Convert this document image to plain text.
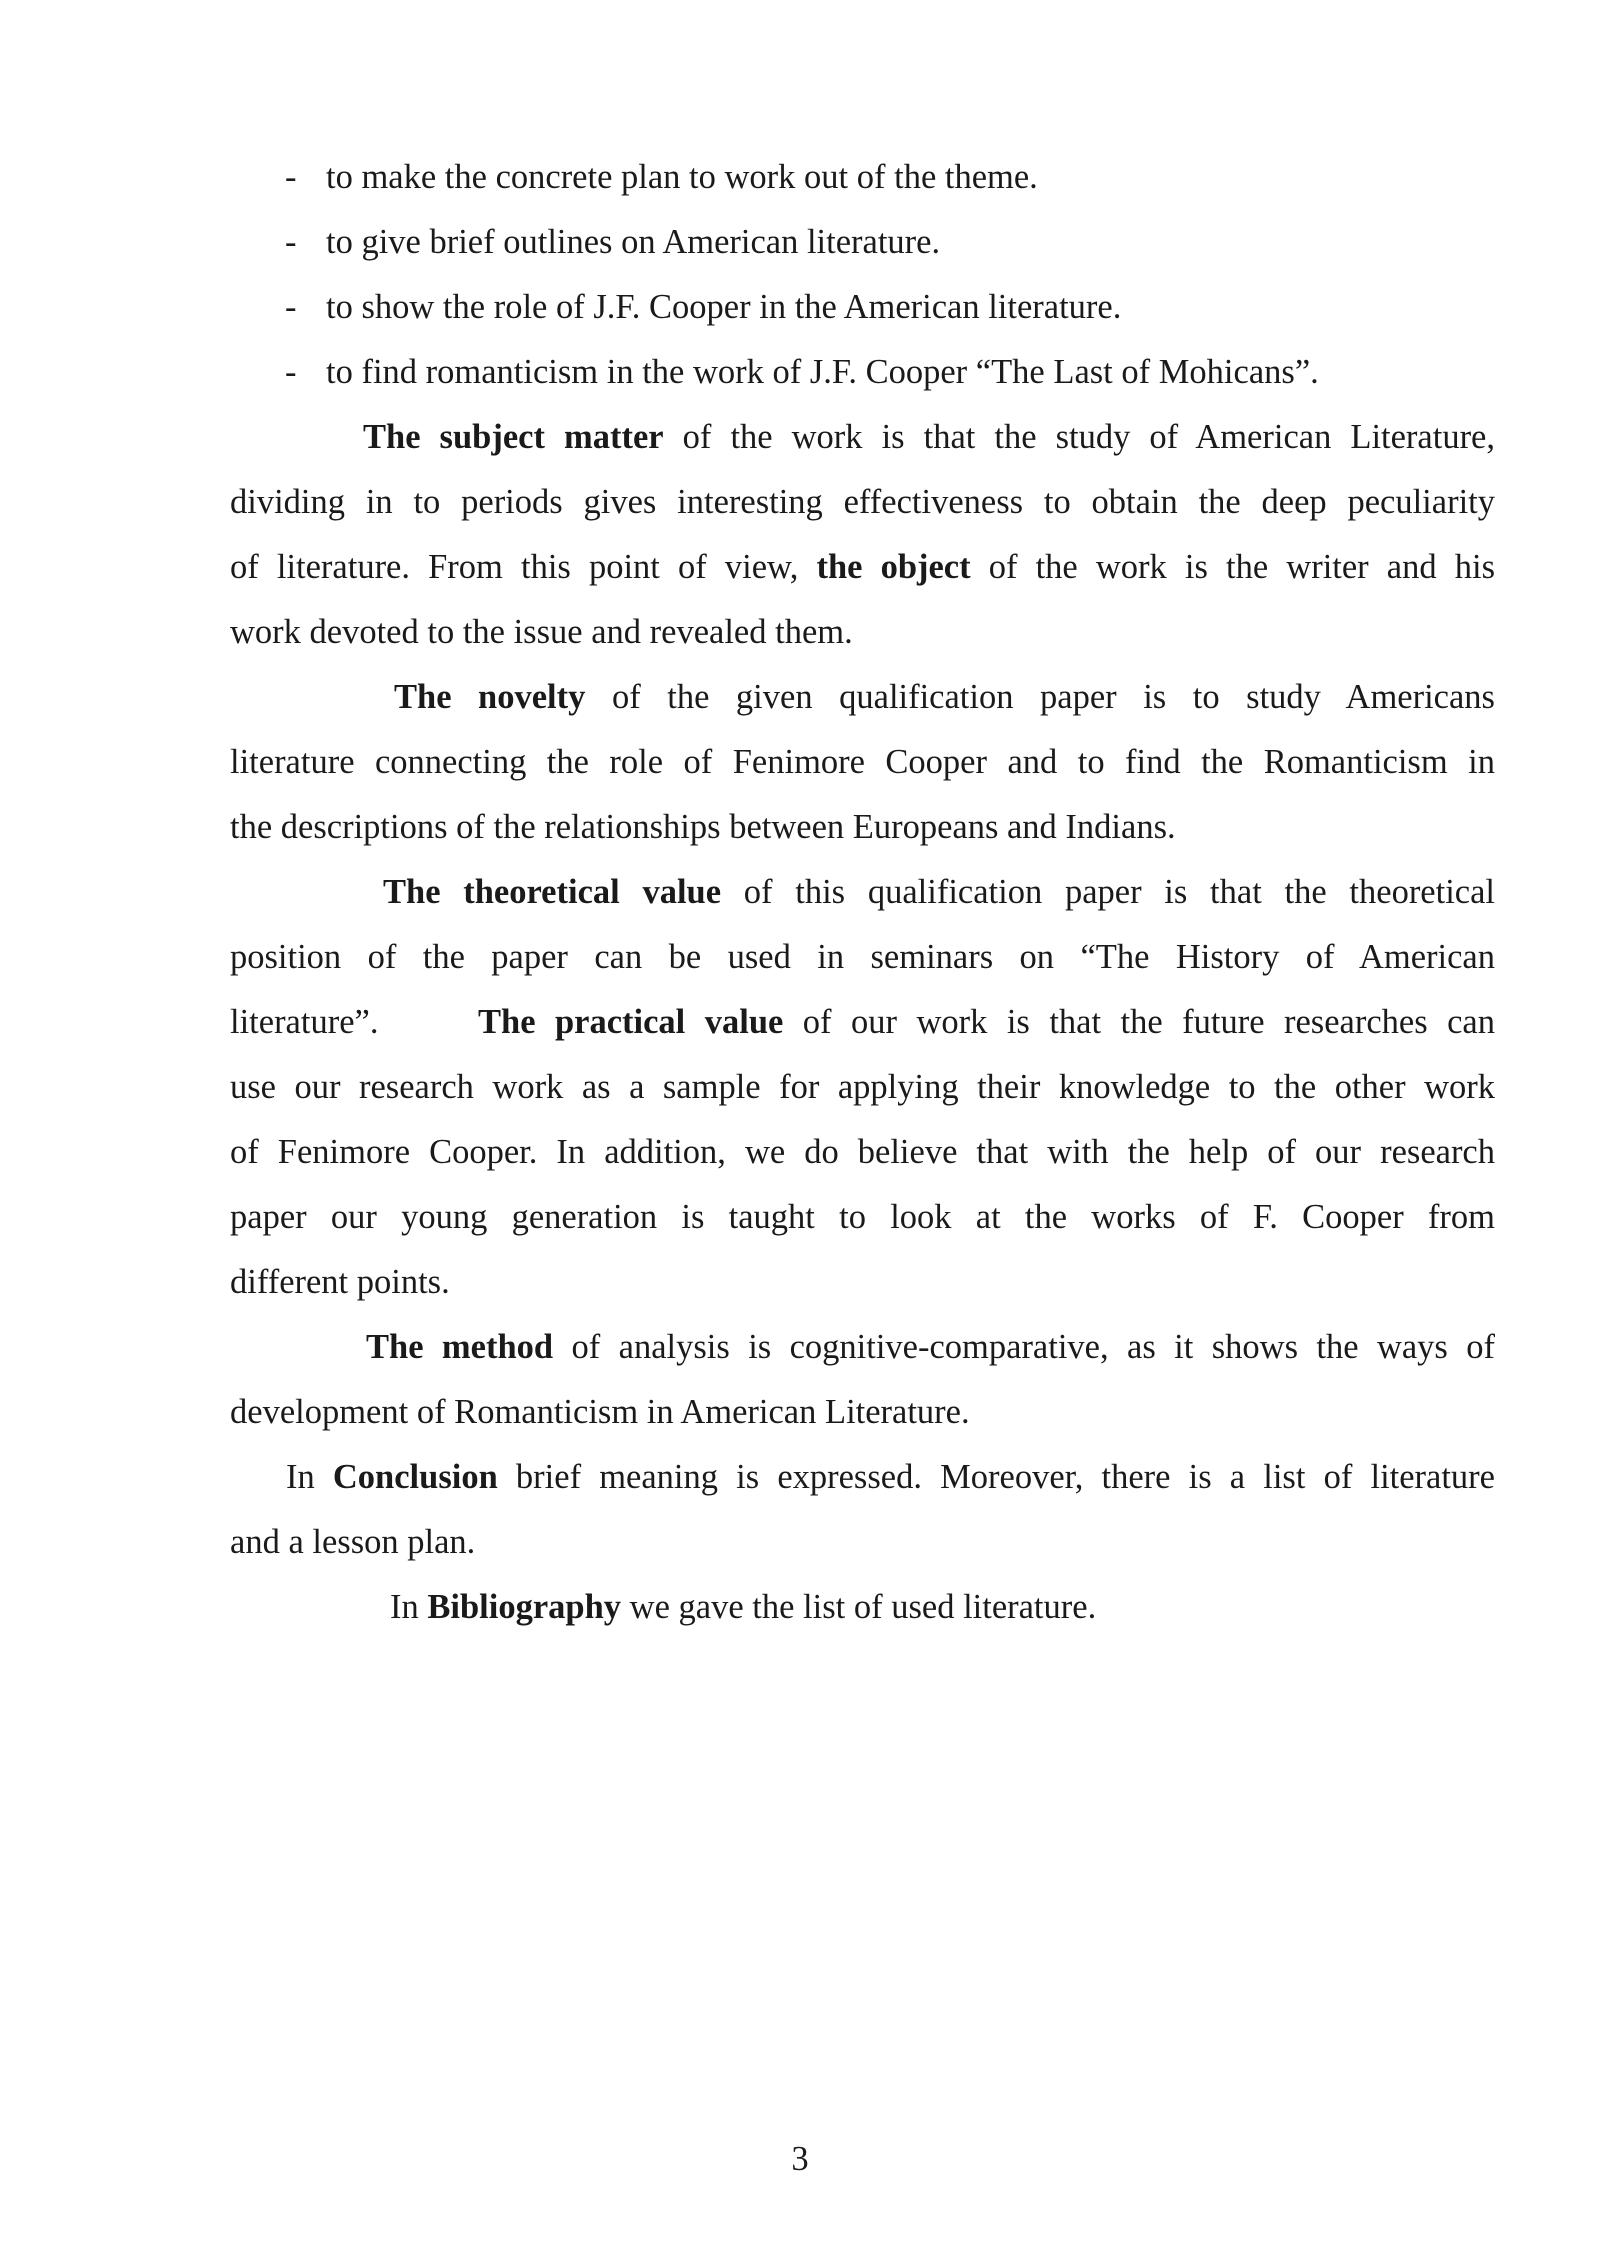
- to make the concrete plan to work out of the theme.
- to give brief outlines on American literature.
- to show the role of J.F. Cooper in the American literature.
- to find romanticism in the work of J.F. Cooper “The Last of Mohicans”.
The subject matter of the work is that the study of American Literature,
dividing in to periods gives interesting effectiveness to obtain the deep peculiarity
of literature. From this point of view, the object of the work is the writer and his
work devoted to the issue and revealed them.
The novelty of the given qualification paper is to study Americans
literature connecting the role of Fenimore Cooper and to find the Romanticism in
the descriptions of the relationships between Europeans and Indians.
The theoretical value of this qualification paper is that the theoretical
position of the paper can be used in seminars on “The History of American
literature”.	The practical value of our work is that the future researches can
use our research work as a sample for applying their knowledge to the other work
of Fenimore Cooper. In addition, we do believe that with the help of our research
paper our young generation is taught to look at the works of F. Cooper from
different points.
The method of analysis is cognitive-comparative, as it shows the ways of
development of Romanticism in American Literature.
In Conclusion brief meaning is expressed. Moreover, there is a list of literature
and a lesson plan.
In Bibliography we gave the list of used literature.
3
